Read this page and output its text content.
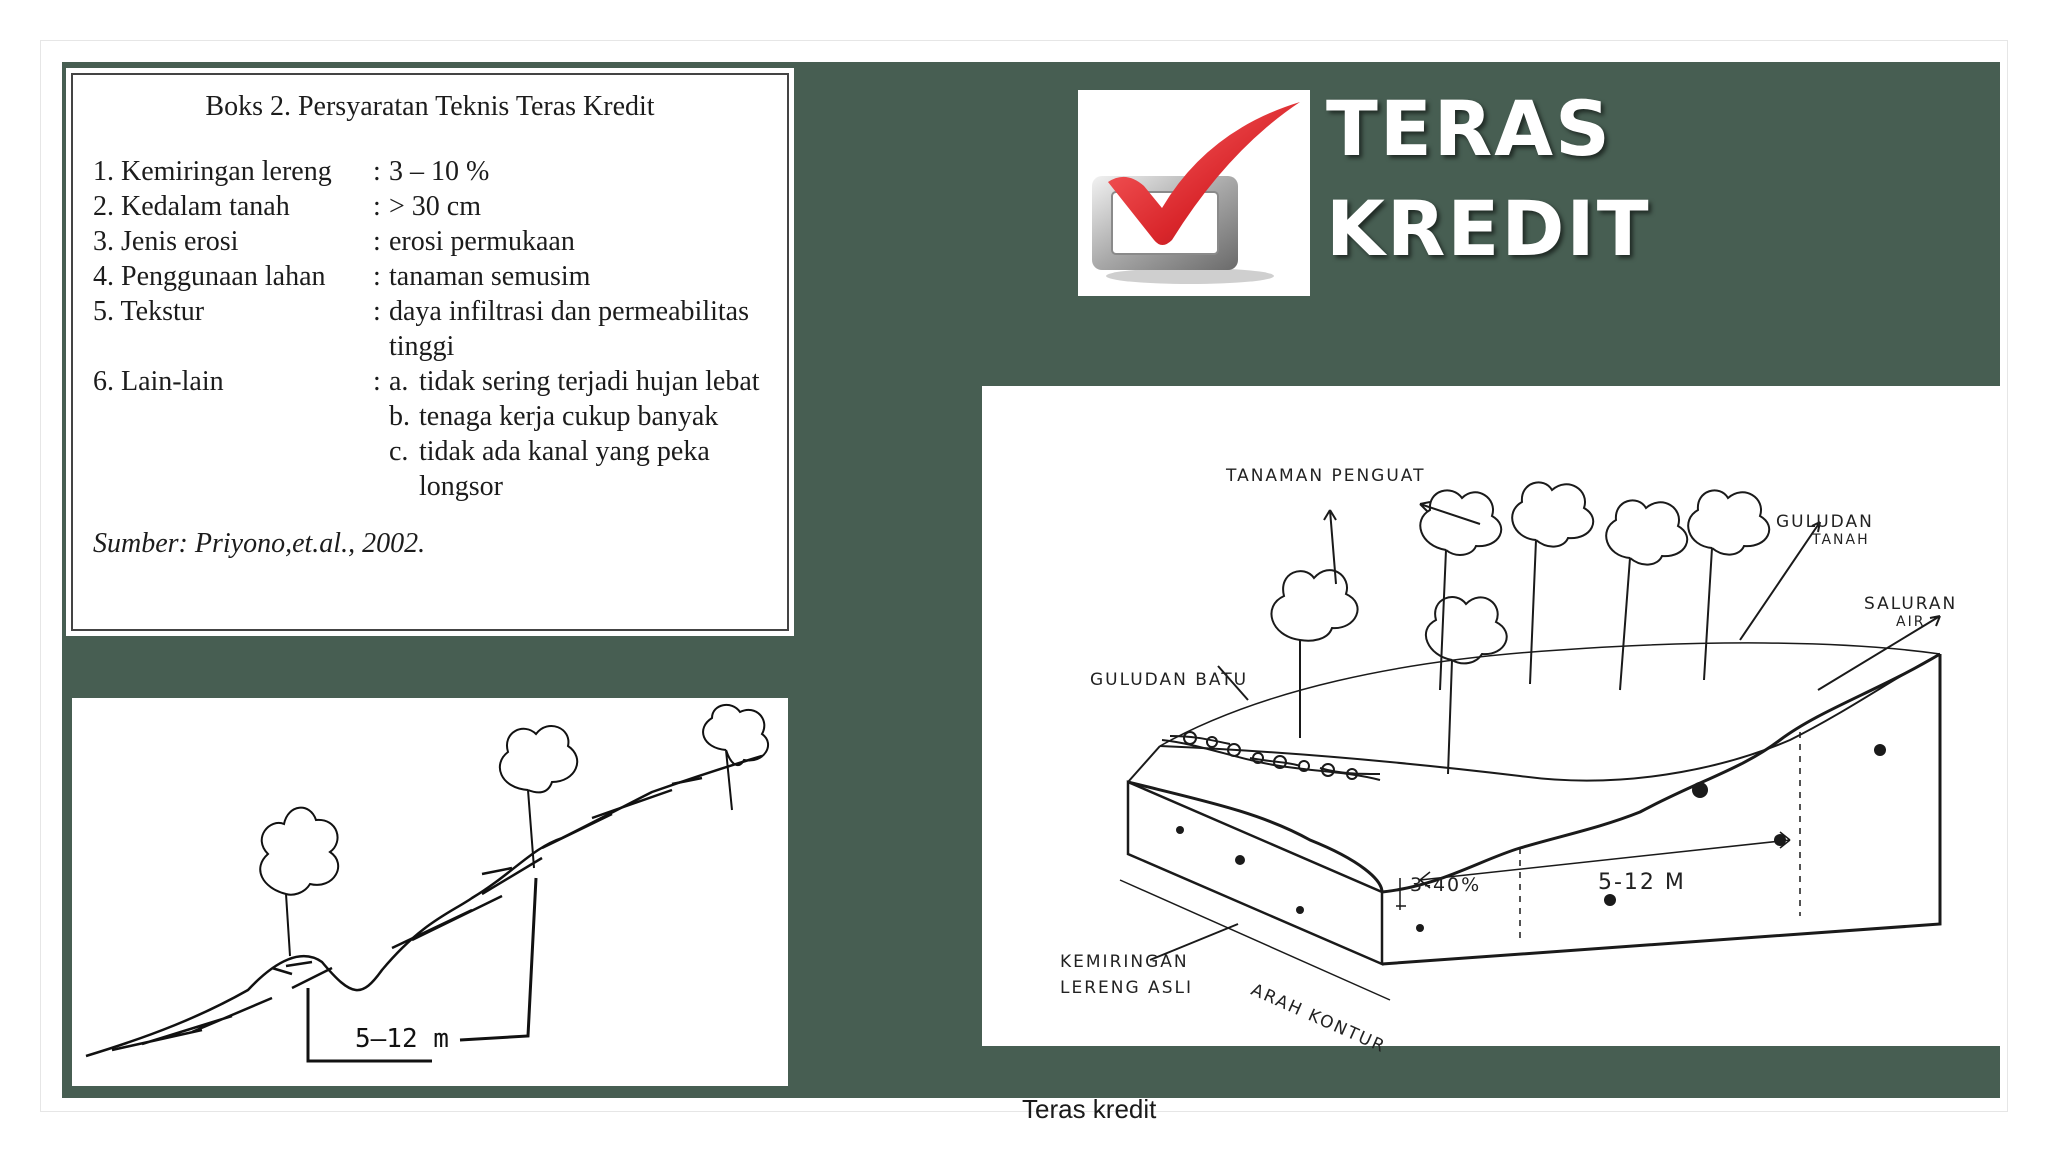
Boks 2. Persyaratan Teknis Teras Kredit
1. Kemiringan lereng	: 3 – 10 %
2. Kedalam tanah	: > 30 cm
3. Jenis erosi	: erosi permukaan
4. Penggunaan lahan	: tanaman semusim
5. Tekstur	: daya infiltrasi dan permeabilitas tinggi
6. Lain-lain	: a. tidak sering terjadi hujan lebat
b. tenaga kerja cukup banyak
c. tidak ada kanal yang peka longsor
Sumber: Priyono,et.al., 2002.
TERAS
KREDIT
5–12 m
TANAMAN PENGUAT
GULUDAN
TANAH
SALURAN
AIR
GULUDAN BATU
3-40%	5-12 M
KEMIRINGAN
LERENG ASLI	ARAH KONTUR
Teras kredit
